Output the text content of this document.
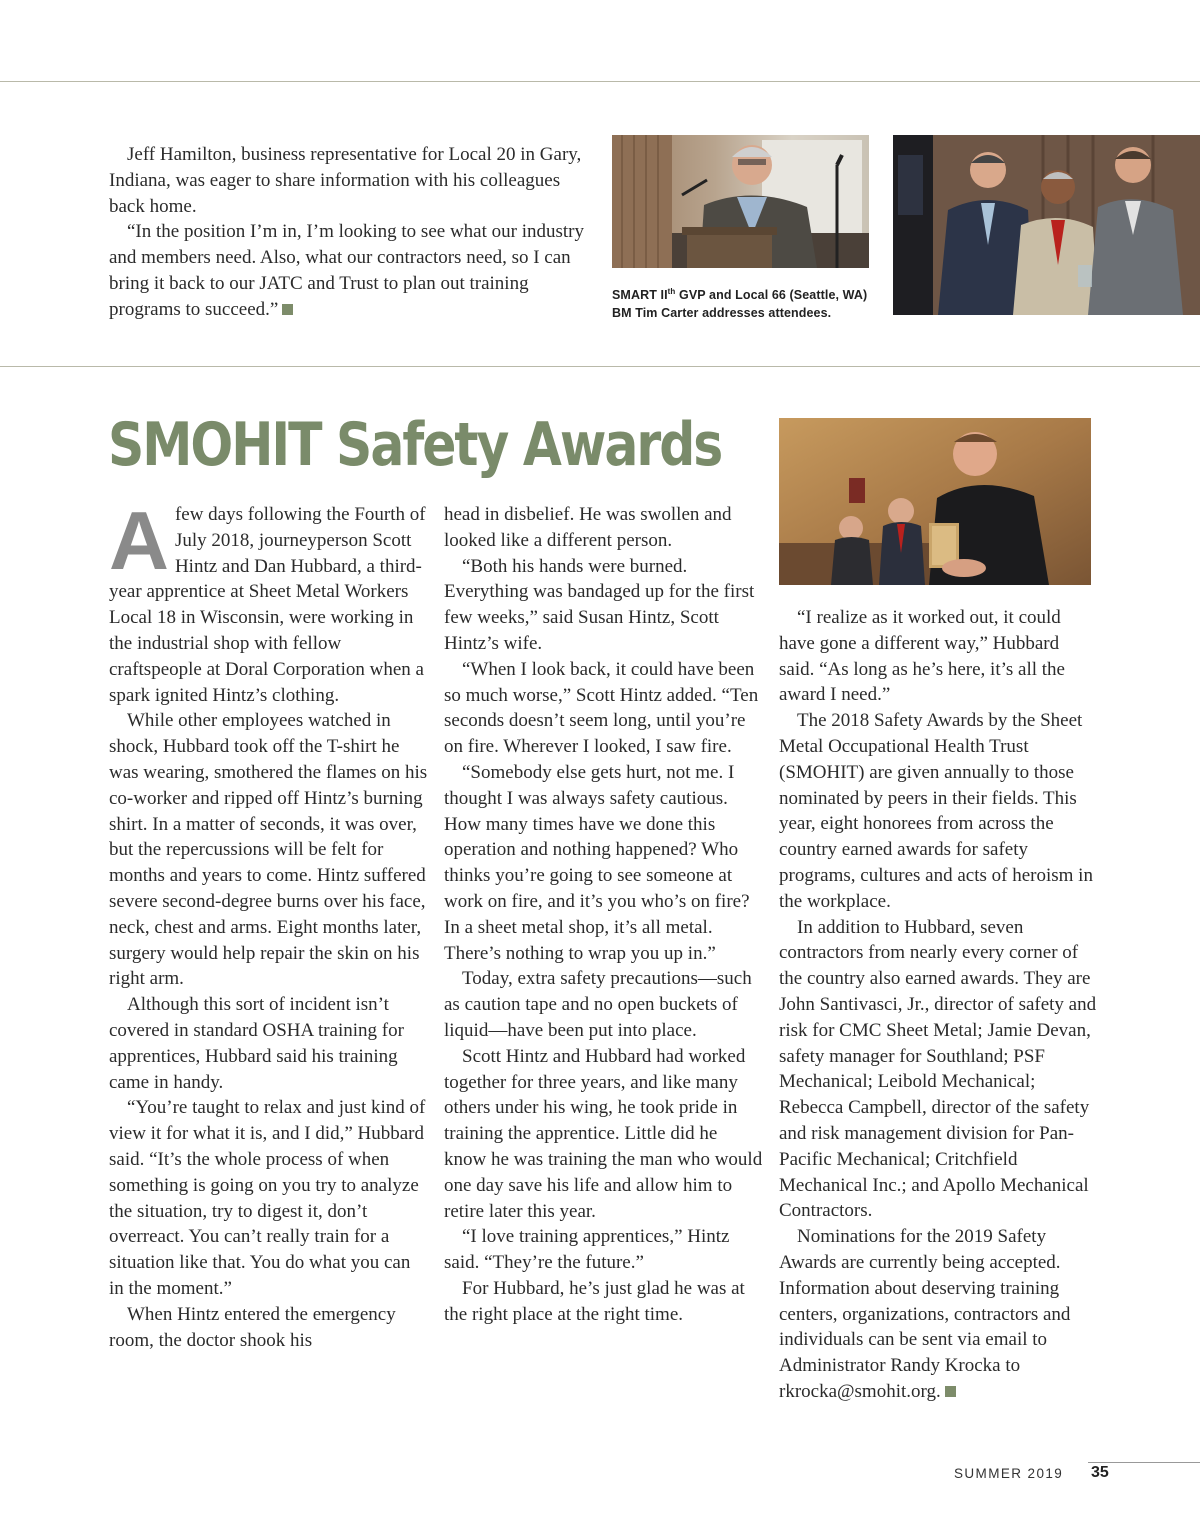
Jeff Hamilton, business representative for Local 20 in Gary, Indiana, was eager to share information with his colleagues back home.

“In the position I’m in, I’m looking to see what our industry and members need. Also, what our contractors need, so I can bring it back to our JATC and Trust to plan out training programs to succeed.”

SMART IIth GVP and Local 66 (Seattle, WA)
BM Tim Carter addresses attendees.
SMOHIT Safety Awards

Afew days following the Fourth of July 2018, journeyperson Scott Hintz and Dan Hubbard, a third-year apprentice at Sheet Metal Workers Local 18 in Wisconsin, were working in the industrial shop with fellow craftspeople at Doral Corporation when a spark ignited Hintz’s clothing.

While other employees watched in shock, Hubbard took off the T-shirt he was wearing, smothered the flames on his co-worker and ripped off Hintz’s burning shirt. In a matter of seconds, it was over, but the repercussions will be felt for months and years to come. Hintz suffered severe second-degree burns over his face, neck, chest and arms. Eight months later, surgery would help repair the skin on his right arm.

Although this sort of incident isn’t covered in standard OSHA training for apprentices, Hubbard said his training came in handy.

“You’re taught to relax and just kind of view it for what it is, and I did,” Hubbard said. “It’s the whole process of when something is going on you try to analyze the situation, try to digest it, don’t overreact. You can’t really train for a situation like that. You do what you can in the moment.”

When Hintz entered the emergency room, the doctor shook his

head in disbelief. He was swollen and looked like a different person.

“Both his hands were burned. Everything was bandaged up for the first few weeks,” said Susan Hintz, Scott Hintz’s wife.

“When I look back, it could have been so much worse,” Scott Hintz added. “Ten seconds doesn’t seem long, until you’re on fire. Wherever I looked, I saw fire.

“Somebody else gets hurt, not me. I thought I was always safety cautious. How many times have we done this operation and nothing happened? Who thinks you’re going to see someone at work on fire, and it’s you who’s on fire? In a sheet metal shop, it’s all metal. There’s nothing to wrap you up in.”

Today, extra safety precautions—such as caution tape and no open buckets of liquid—have been put into place.

Scott Hintz and Hubbard had worked together for three years, and like many others under his wing, he took pride in training the apprentice. Little did he know he was training the man who would one day save his life and allow him to retire later this year.

“I love training apprentices,” Hintz said. “They’re the future.”

For Hubbard, he’s just glad he was at the right place at the right time.

“I realize as it worked out, it could have gone a different way,” Hubbard said. “As long as he’s here, it’s all the award I need.”

The 2018 Safety Awards by the Sheet Metal Occupational Health Trust (SMOHIT) are given annually to those nominated by peers in their fields. This year, eight honorees from across the country earned awards for safety programs, cultures and acts of heroism in the workplace.

In addition to Hubbard, seven contractors from nearly every corner of the country also earned awards. They are John Santivasci, Jr., director of safety and risk for CMC Sheet Metal; Jamie Devan, safety manager for Southland; PSF Mechanical; Leibold Mechanical; Rebecca Campbell, director of the safety and risk management division for Pan-Pacific Mechanical; Critchfield Mechanical Inc.; and Apollo Mechanical Contractors.

Nominations for the 2019 Safety Awards are currently being accepted. Information about deserving training centers, organizations, contractors and individuals can be sent via email to Administrator Randy Krocka to rkrocka@smohit.org.

SUMMER 2019 35
